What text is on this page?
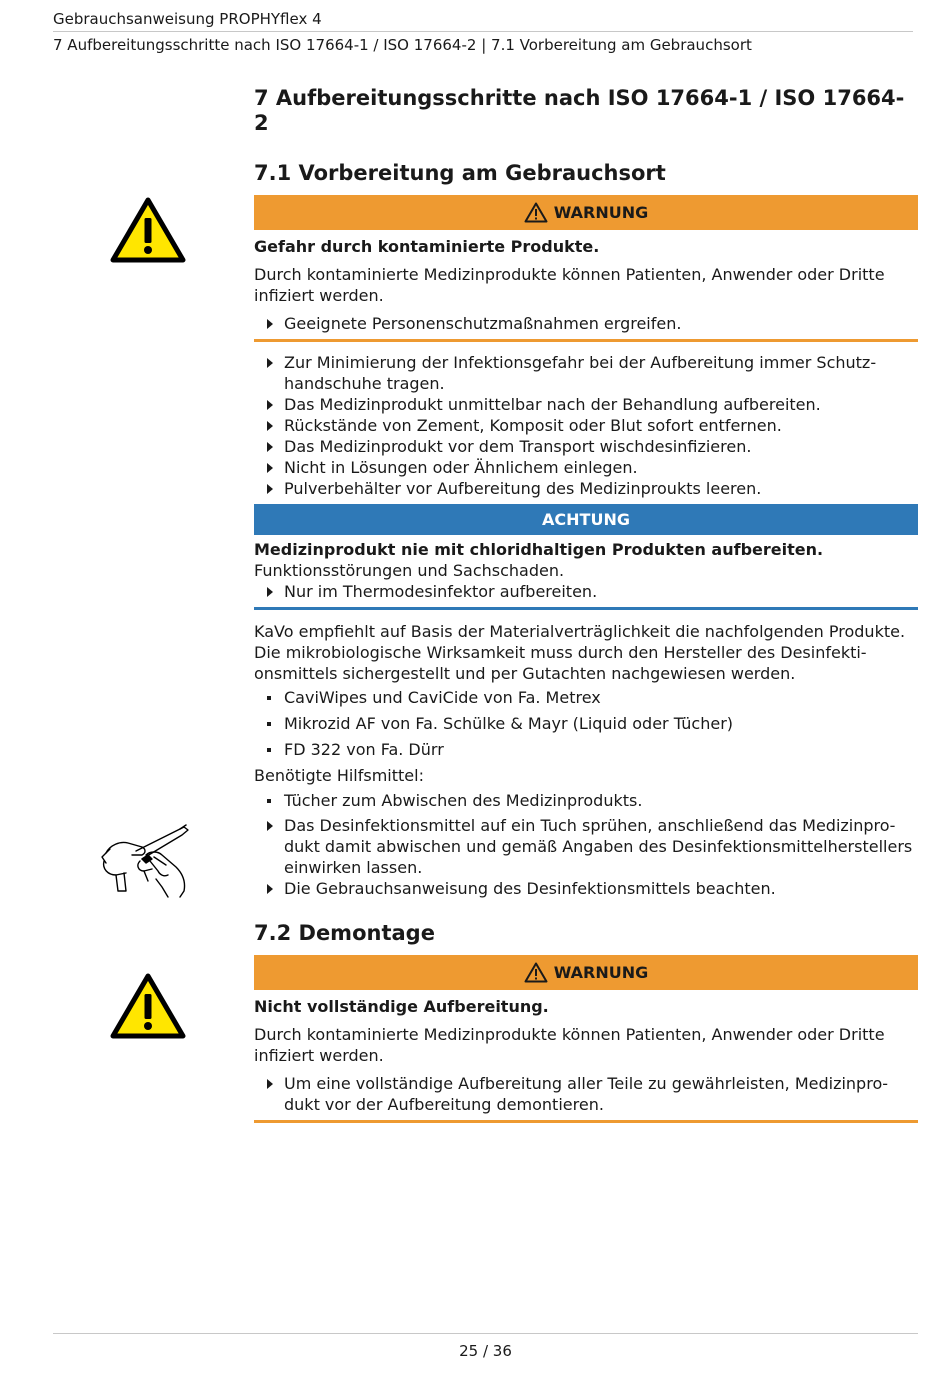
Gebrauchsanweisung PROPHYflex 4
7 Aufbereitungsschritte nach ISO 17664-1 / ISO 17664-2 | 7.1 Vorbereitung am Gebrauchsort
7 Aufbereitungsschritte nach ISO 17664-1 / ISO 17664-2
7.1 Vorbereitung am Gebrauchsort
WARNUNG
Gefahr durch kontaminierte Produkte.
Durch kontaminierte Medizinprodukte können Patienten, Anwender oder Dritte infiziert werden.
Geeignete Personenschutzmaßnahmen ergreifen.
Zur Minimierung der Infektionsgefahr bei der Aufbereitung immer Schutzhandschuhe tragen.
Das Medizinprodukt unmittelbar nach der Behandlung aufbereiten.
Rückstände von Zement, Komposit oder Blut sofort entfernen.
Das Medizinprodukt vor dem Transport wischdesinfizieren.
Nicht in Lösungen oder Ähnlichem einlegen.
Pulverbehälter vor Aufbereitung des Medizinproukts leeren.
ACHTUNG
Medizinprodukt nie mit chloridhaltigen Produkten aufbereiten.
Funktionsstörungen und Sachschaden.
Nur im Thermodesinfektor aufbereiten.
KaVo empfiehlt auf Basis der Materialverträglichkeit die nachfolgenden Produkte. Die mikrobiologische Wirksamkeit muss durch den Hersteller des Desinfektionsmittels sichergestellt und per Gutachten nachgewiesen werden.
CaviWipes und CaviCide von Fa. Metrex
Mikrozid AF von Fa. Schülke & Mayr (Liquid oder Tücher)
FD 322 von Fa. Dürr
Benötigte Hilfsmittel:
Tücher zum Abwischen des Medizinprodukts.
Das Desinfektionsmittel auf ein Tuch sprühen, anschließend das Medizinprodukt damit abwischen und gemäß Angaben des Desinfektionsmittelherstellers einwirken lassen.
Die Gebrauchsanweisung des Desinfektionsmittels beachten.
7.2 Demontage
WARNUNG
Nicht vollständige Aufbereitung.
Durch kontaminierte Medizinprodukte können Patienten, Anwender oder Dritte infiziert werden.
Um eine vollständige Aufbereitung aller Teile zu gewährleisten, Medizinprodukt vor der Aufbereitung demontieren.
25 / 36
